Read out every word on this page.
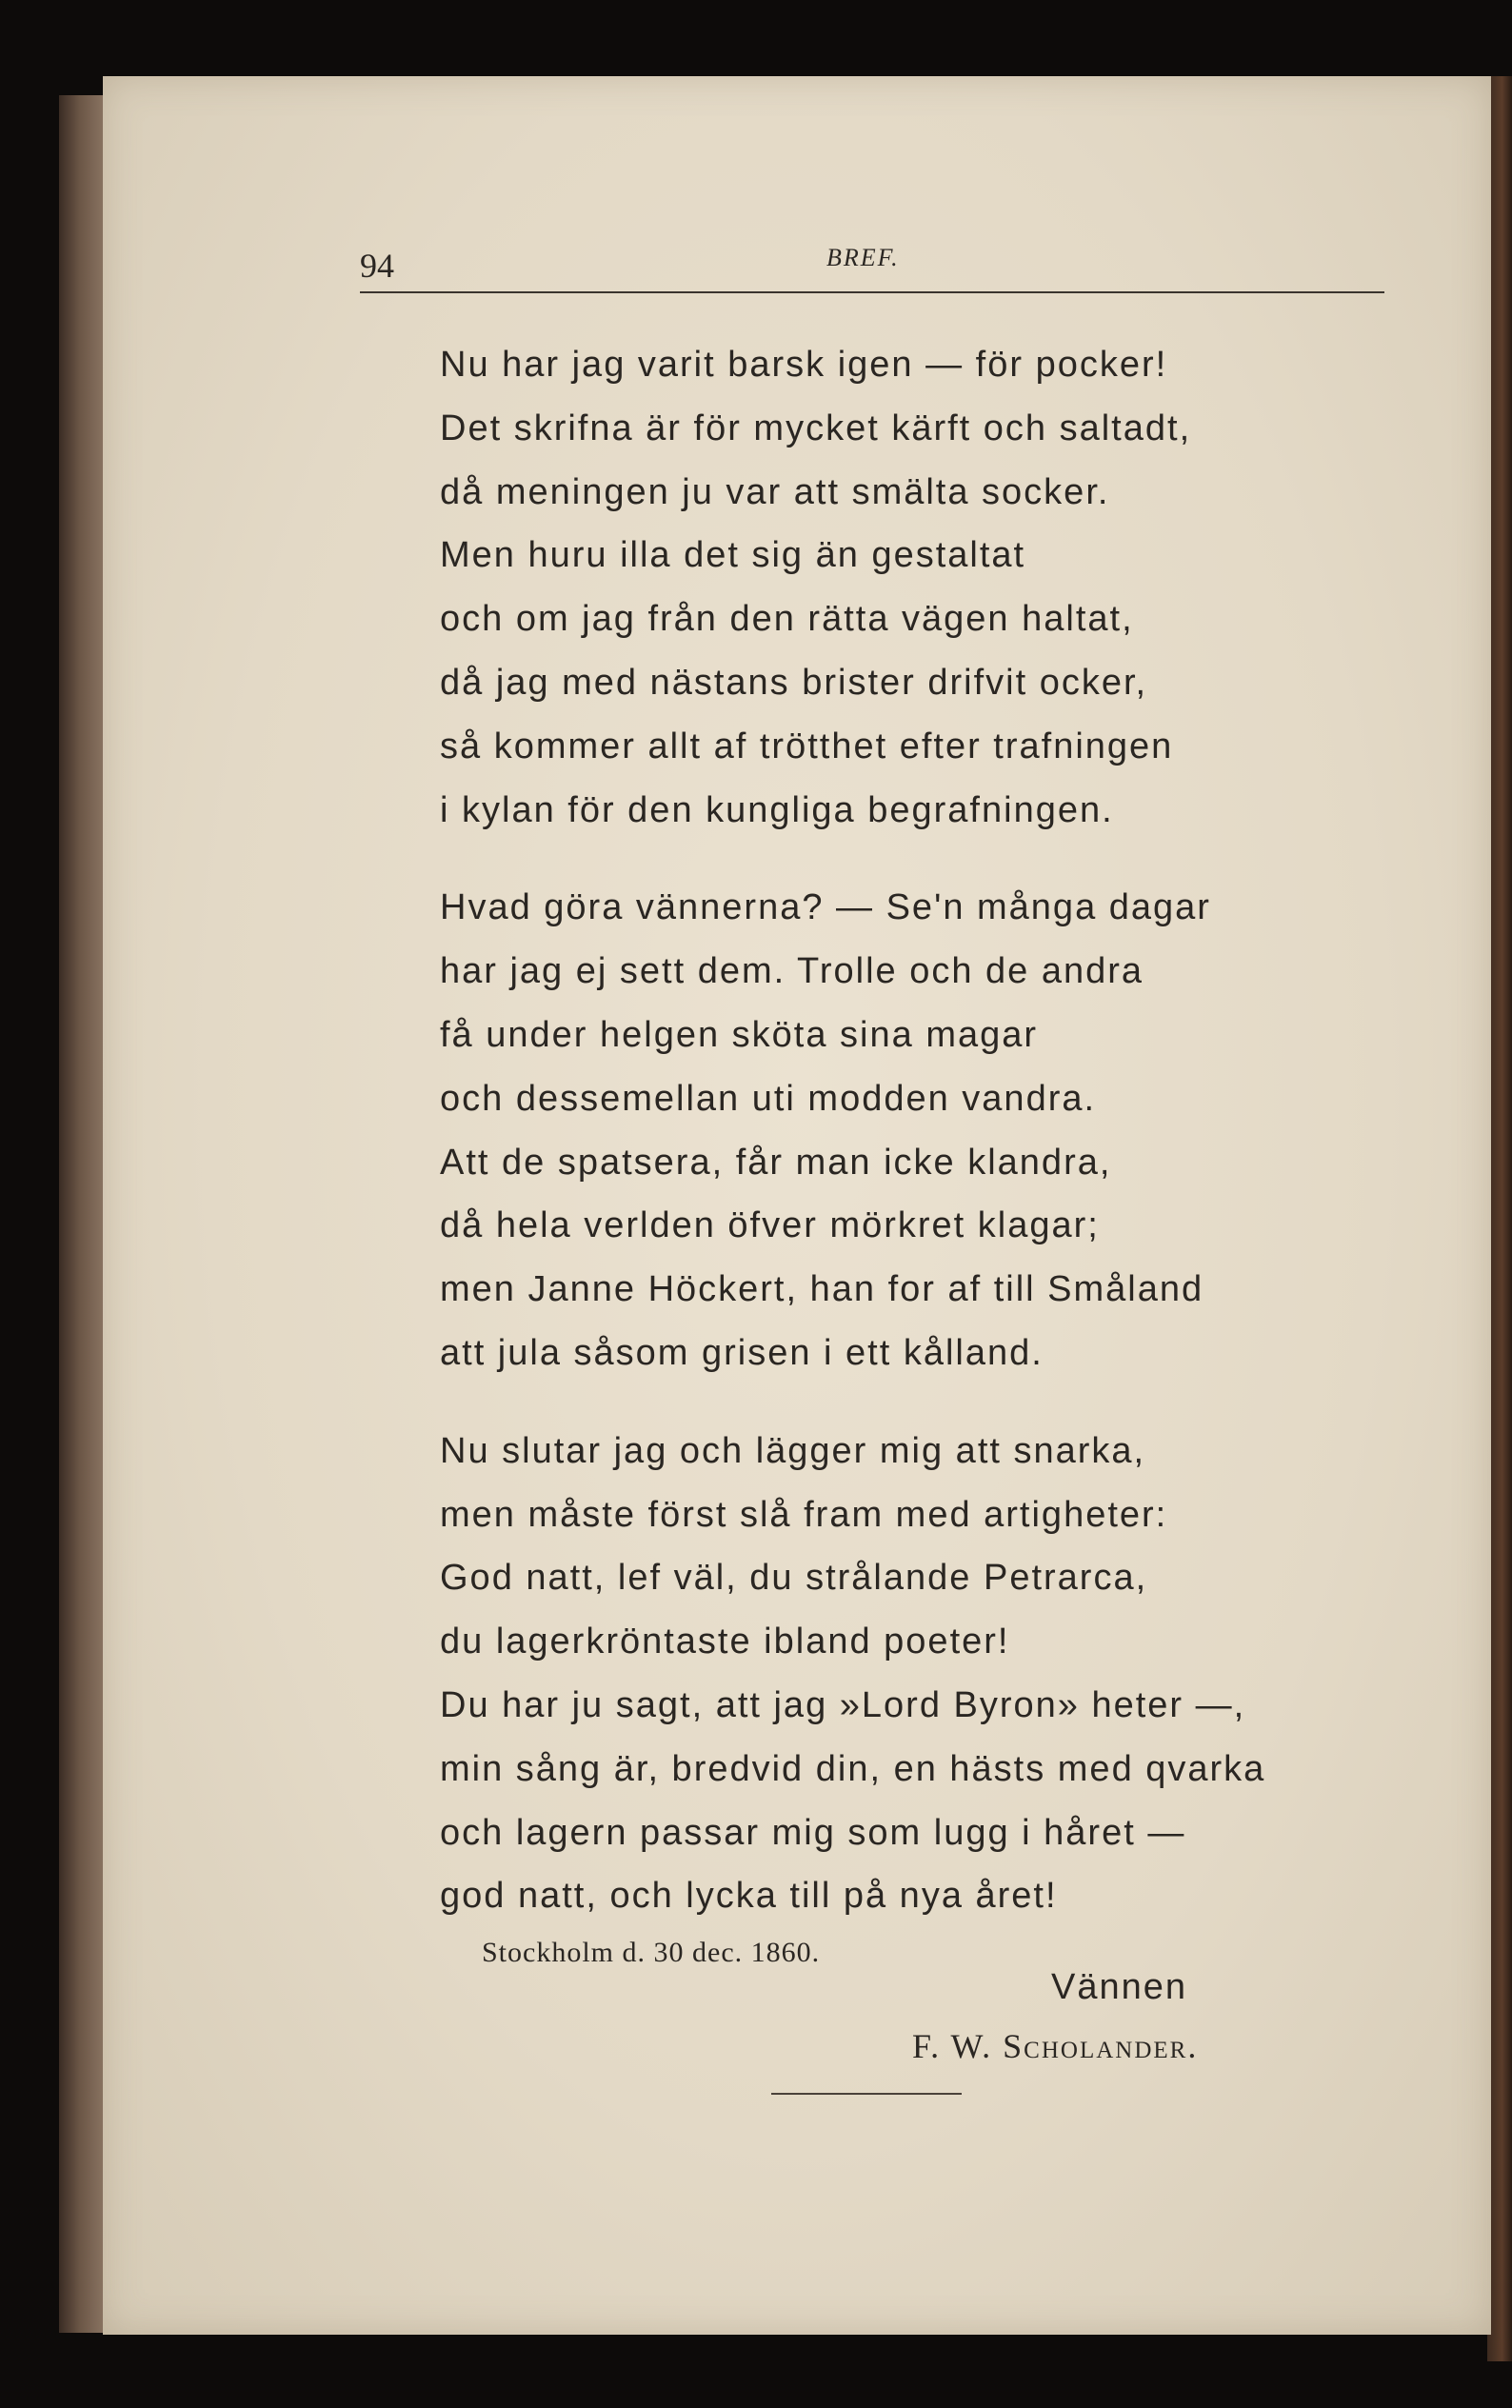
94	BREF.
Nu har jag varit barsk igen — för pocker!
Det skrifna är för mycket kärft och saltadt,
då meningen ju var att smälta socker.
Men huru illa det sig än gestaltat
och om jag från den rätta vägen haltat,
då jag med nästans brister drifvit ocker,
så kommer allt af trötthet efter trafningen
i kylan för den kungliga begrafningen.
Hvad göra vännerna? — Se'n många dagar
har jag ej sett dem. Trolle och de andra
få under helgen sköta sina magar
och dessemellan uti modden vandra.
Att de spatsera, får man icke klandra,
då hela verlden öfver mörkret klagar;
men Janne Höckert, han for af till Småland
att jula såsom grisen i ett kålland.
Nu slutar jag och lägger mig att snarka,
men måste först slå fram med artigheter:
God natt, lef väl, du strålande Petrarca,
du lagerkröntaste ibland poeter!
Du har ju sagt, att jag »Lord Byron» heter —,
min sång är, bredvid din, en hästs med qvarka
och lagern passar mig som lugg i håret —
god natt, och lycka till på nya året!
Stockholm d. 30 dec. 1860.
Vännen
F. W. Scholander.
